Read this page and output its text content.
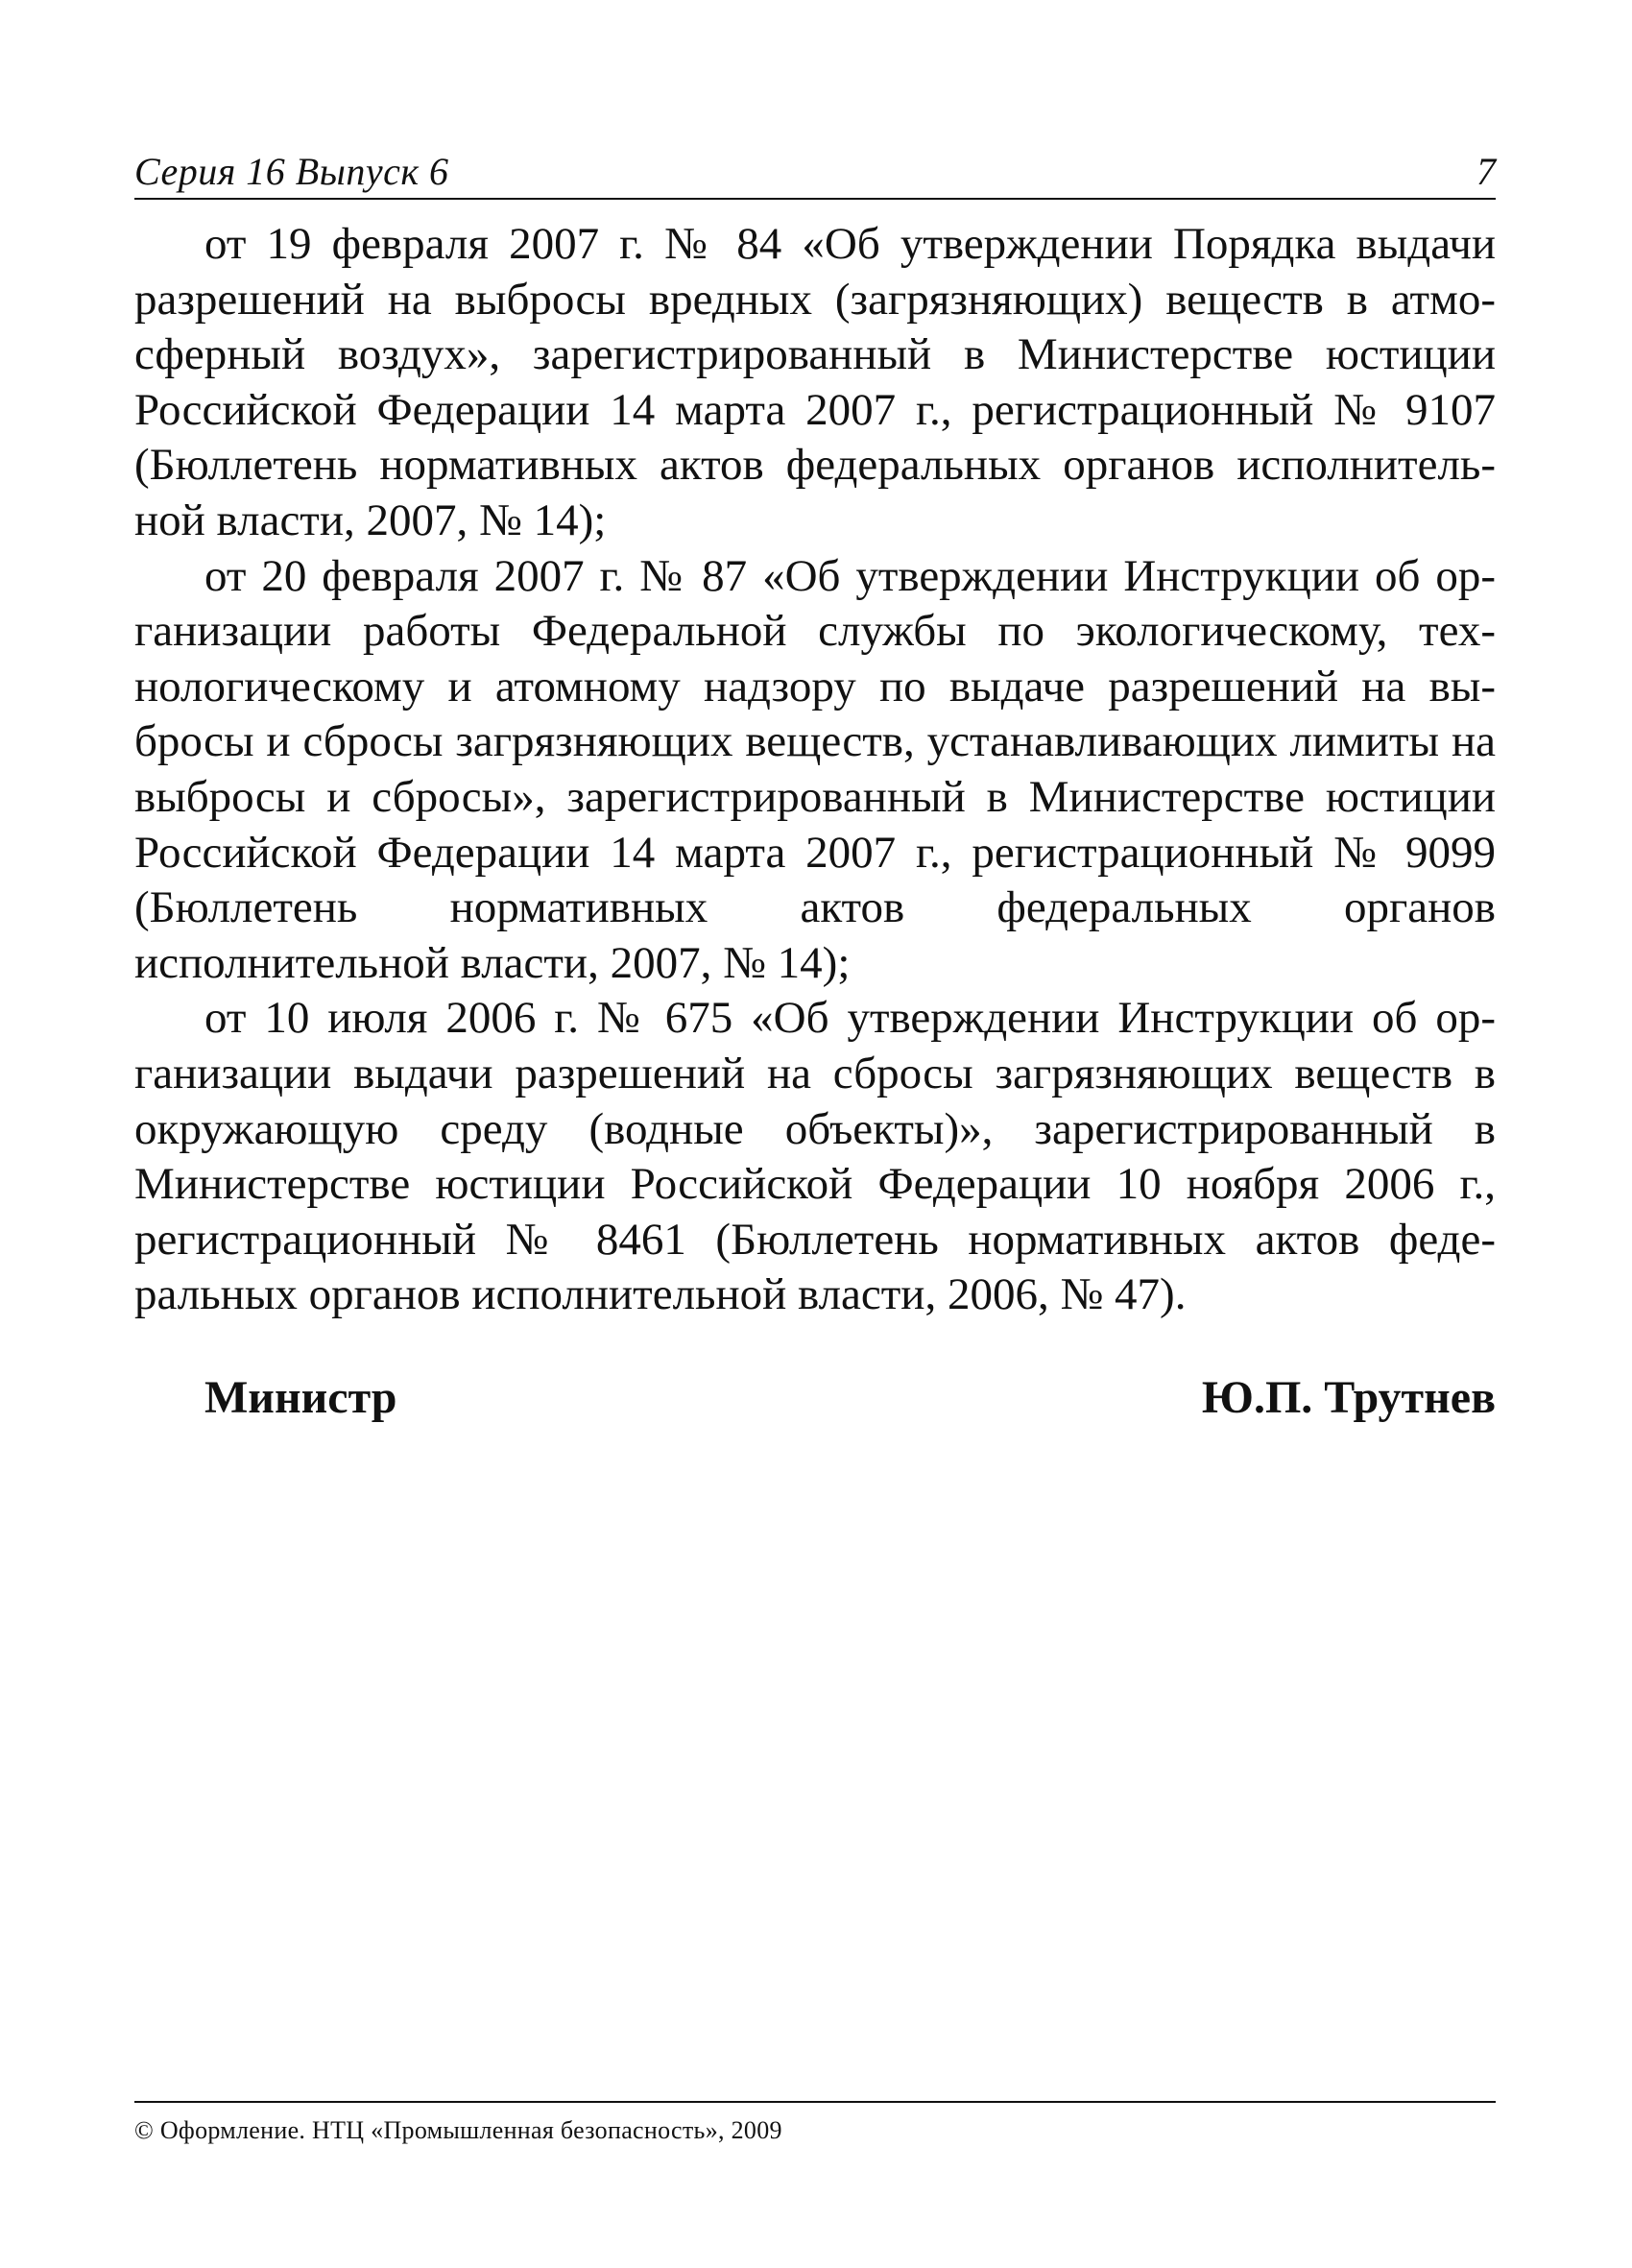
Серия 16 Выпуск 6	7

от 19 февраля 2007 г. № 84 «Об утверждении Порядка выдачи разрешений на выбросы вредных (загрязняющих) веществ в атмосферный воздух», зарегистрированный в Министерстве юстиции Российской Федерации 14 марта 2007 г., регистрационный № 9107 (Бюллетень нормативных актов федеральных органов исполнительной власти, 2007, № 14);

от 20 февраля 2007 г. № 87 «Об утверждении Инструкции об организации работы Федеральной службы по экологическому, технологическому и атомному надзору по выдаче разрешений на выбросы и сбросы загрязняющих веществ, устанавливающих лимиты на выбросы и сбросы», зарегистрированный в Министерстве юстиции Российской Федерации 14 марта 2007 г., регистрационный № 9099 (Бюллетень нормативных актов федеральных органов исполнительной власти, 2007, № 14);

от 10 июля 2006 г. № 675 «Об утверждении Инструкции об организации выдачи разрешений на сбросы загрязняющих веществ в окружающую среду (водные объекты)», зарегистрированный в Министерстве юстиции Российской Федерации 10 ноября 2006 г., регистрационный № 8461 (Бюллетень нормативных актов федеральных органов исполнительной власти, 2006, № 47).

Министр	Ю.П. Трутнев
© Оформление. НТЦ «Промышленная безопасность», 2009
